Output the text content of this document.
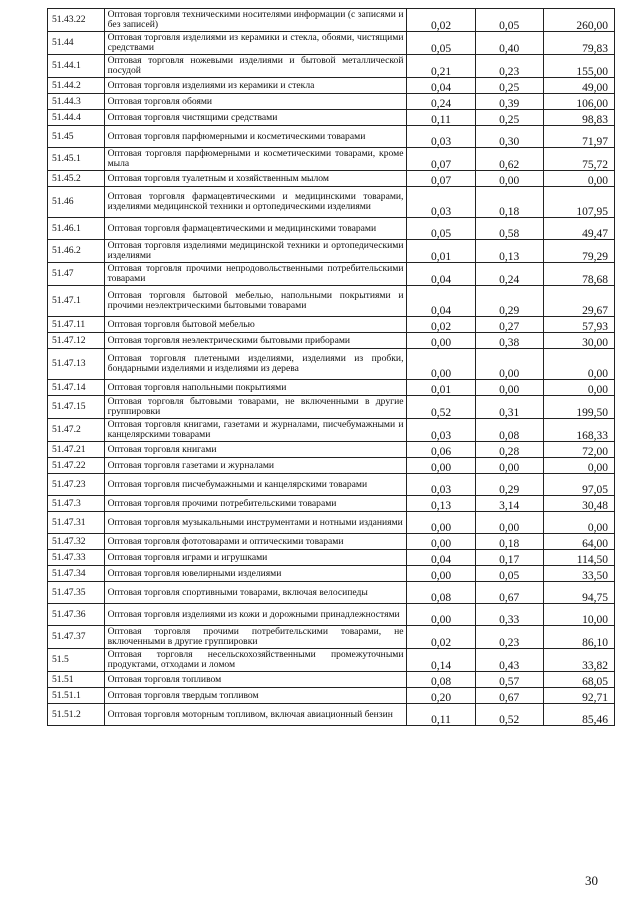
51.43.22	Оптовая торговля техническими носителями информации (с записями и без записей)	0,02	0,05	260,00
51.44	Оптовая торговля изделиями из керамики и стекла, обоями, чистящими средствами	0,05	0,40	79,83
51.44.1	Оптовая торговля ножевыми изделиями и бытовой металлической посудой	0,21	0,23	155,00
51.44.2	Оптовая торговля изделиями из керамики и стекла	0,04	0,25	49,00
51.44.3	Оптовая торговля обоями	0,24	0,39	106,00
51.44.4	Оптовая торговля чистящими средствами	0,11	0,25	98,83
51.45	Оптовая торговля парфюмерными и косметическими товарами	0,03	0,30	71,97
51.45.1	Оптовая торговля парфюмерными и косметическими товарами, кроме мыла	0,07	0,62	75,72
51.45.2	Оптовая торговля туалетным и хозяйственным мылом	0,07	0,00	0,00
51.46	Оптовая торговля фармацевтическими и медицинскими товарами, изделиями медицинской техники и ортопедическими изделиями	0,03	0,18	107,95
51.46.1	Оптовая торговля фармацевтическими и медицинскими товарами	0,05	0,58	49,47
51.46.2	Оптовая торговля изделиями медицинской техники и ортопедическими изделиями	0,01	0,13	79,29
51.47	Оптовая торговля прочими непродовольственными потребительскими товарами	0,04	0,24	78,68
51.47.1	Оптовая торговля бытовой мебелью, напольными покрытиями и прочими неэлектрическими бытовыми товарами	0,04	0,29	29,67
51.47.11	Оптовая торговля бытовой мебелью	0,02	0,27	57,93
51.47.12	Оптовая торговля неэлектрическими бытовыми приборами	0,00	0,38	30,00
51.47.13	Оптовая торговля плетеными изделиями, изделиями из пробки, бондарными изделиями и изделиями из дерева	0,00	0,00	0,00
51.47.14	Оптовая торговля напольными покрытиями	0,01	0,00	0,00
51.47.15	Оптовая торговля бытовыми товарами, не включенными в другие группировки	0,52	0,31	199,50
51.47.2	Оптовая торговля книгами, газетами и журналами, писчебумажными и канцелярскими товарами	0,03	0,08	168,33
51.47.21	Оптовая торговля книгами	0,06	0,28	72,00
51.47.22	Оптовая торговля газетами и журналами	0,00	0,00	0,00
51.47.23	Оптовая торговля писчебумажными и канцелярскими товарами	0,03	0,29	97,05
51.47.3	Оптовая торговля прочими потребительскими товарами	0,13	3,14	30,48
51.47.31	Оптовая торговля музыкальными инструментами и нотными изданиями	0,00	0,00	0,00
51.47.32	Оптовая торговля фототоварами и оптическими товарами	0,00	0,18	64,00
51.47.33	Оптовая торговля играми и игрушками	0,04	0,17	114,50
51.47.34	Оптовая торговля ювелирными изделиями	0,00	0,05	33,50
51.47.35	Оптовая торговля спортивными товарами, включая велосипеды	0,08	0,67	94,75
51.47.36	Оптовая торговля изделиями из кожи и дорожными принадлежностями	0,00	0,33	10,00
51.47.37	Оптовая торговля прочими потребительскими товарами, не включенными в другие группировки	0,02	0,23	86,10
51.5	Оптовая торговля несельскохозяйственными промежуточными продуктами, отходами и ломом	0,14	0,43	33,82
51.51	Оптовая торговля топливом	0,08	0,57	68,05
51.51.1	Оптовая торговля твердым топливом	0,20	0,67	92,71
51.51.2	Оптовая торговля моторным топливом, включая авиационный бензин	0,11	0,52	85,46
30
